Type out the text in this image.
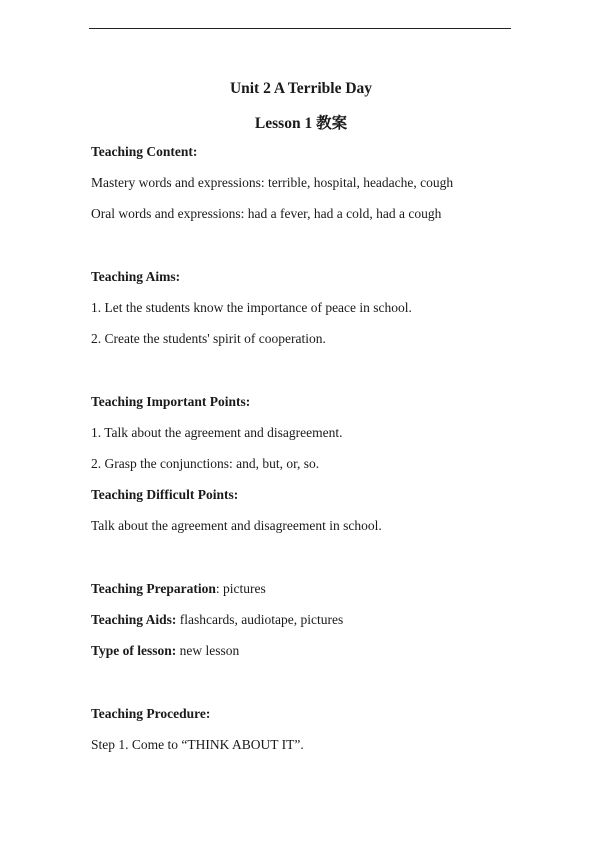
Unit 2 A Terrible Day
Lesson 1 教案
Teaching Content:
Mastery words and expressions: terrible, hospital, headache, cough
Oral words and expressions: had a fever, had a cold, had a cough
Teaching Aims:
1. Let the students know the importance of peace in school.
2. Create the students' spirit of cooperation.
Teaching Important Points:
1. Talk about the agreement and disagreement.
2. Grasp the conjunctions: and, but, or, so.
Teaching Difficult Points:
Talk about the agreement and disagreement in school.
Teaching Preparation: pictures
Teaching Aids: flashcards, audiotape, pictures
Type of lesson: new lesson
Teaching Procedure:
Step 1. Come to “THINK ABOUT IT”.
